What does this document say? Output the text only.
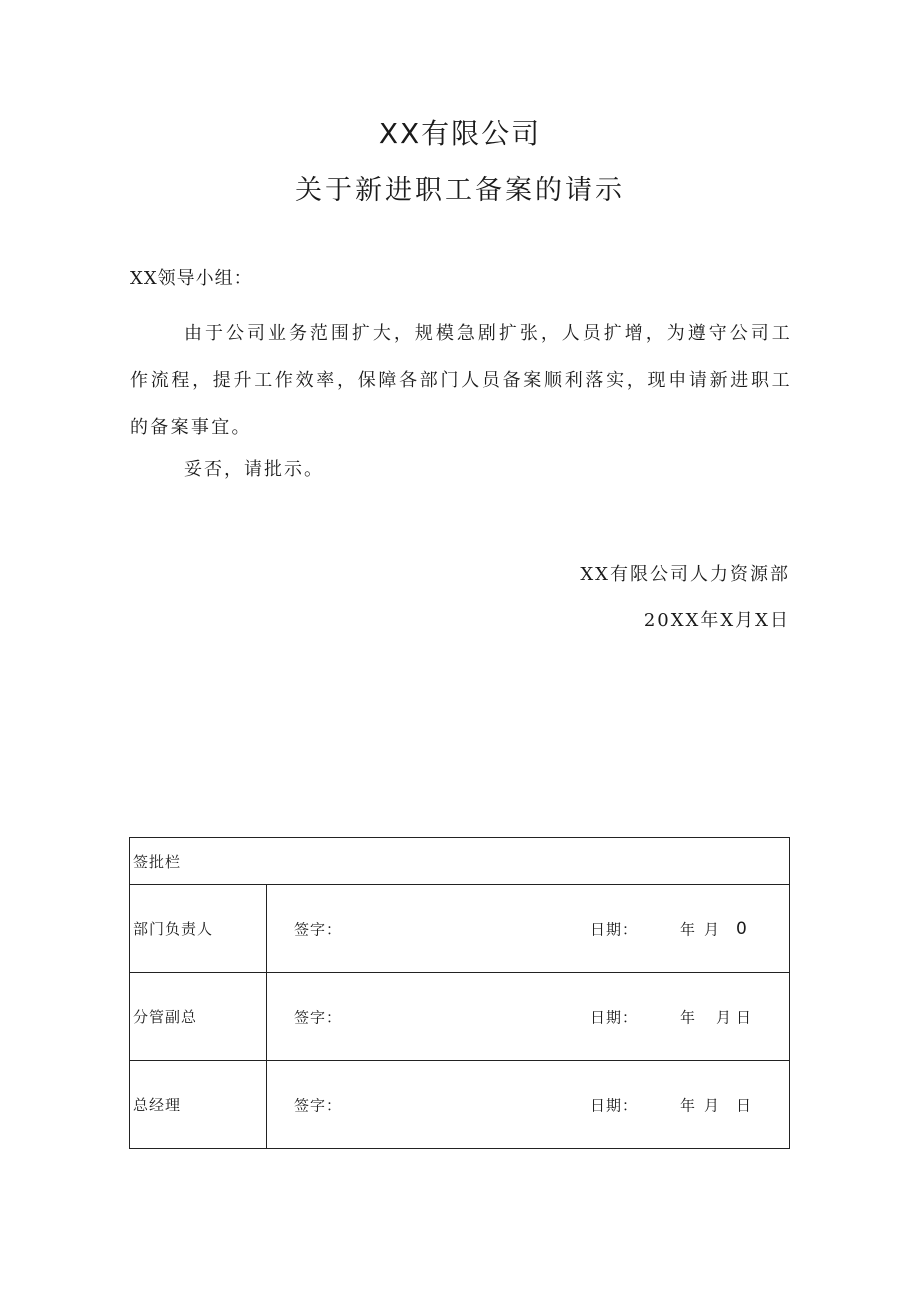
XX有限公司
关于新进职工备案的请示
XX领导小组：
由于公司业务范围扩大，规模急剧扩张，人员扩增，为遵守公司工作流程，提升工作效率，保障各部门人员备案顺利落实，现申请新进职工的备案事宜。
妥否，请批示。
XX有限公司人力资源部
20XX年X月X日
签批栏	
部门负责人	签字： 日期： 年 月 0

分管副总	签字： 日期： 年 月 日

总经理	签字： 日期： 年 月 日
